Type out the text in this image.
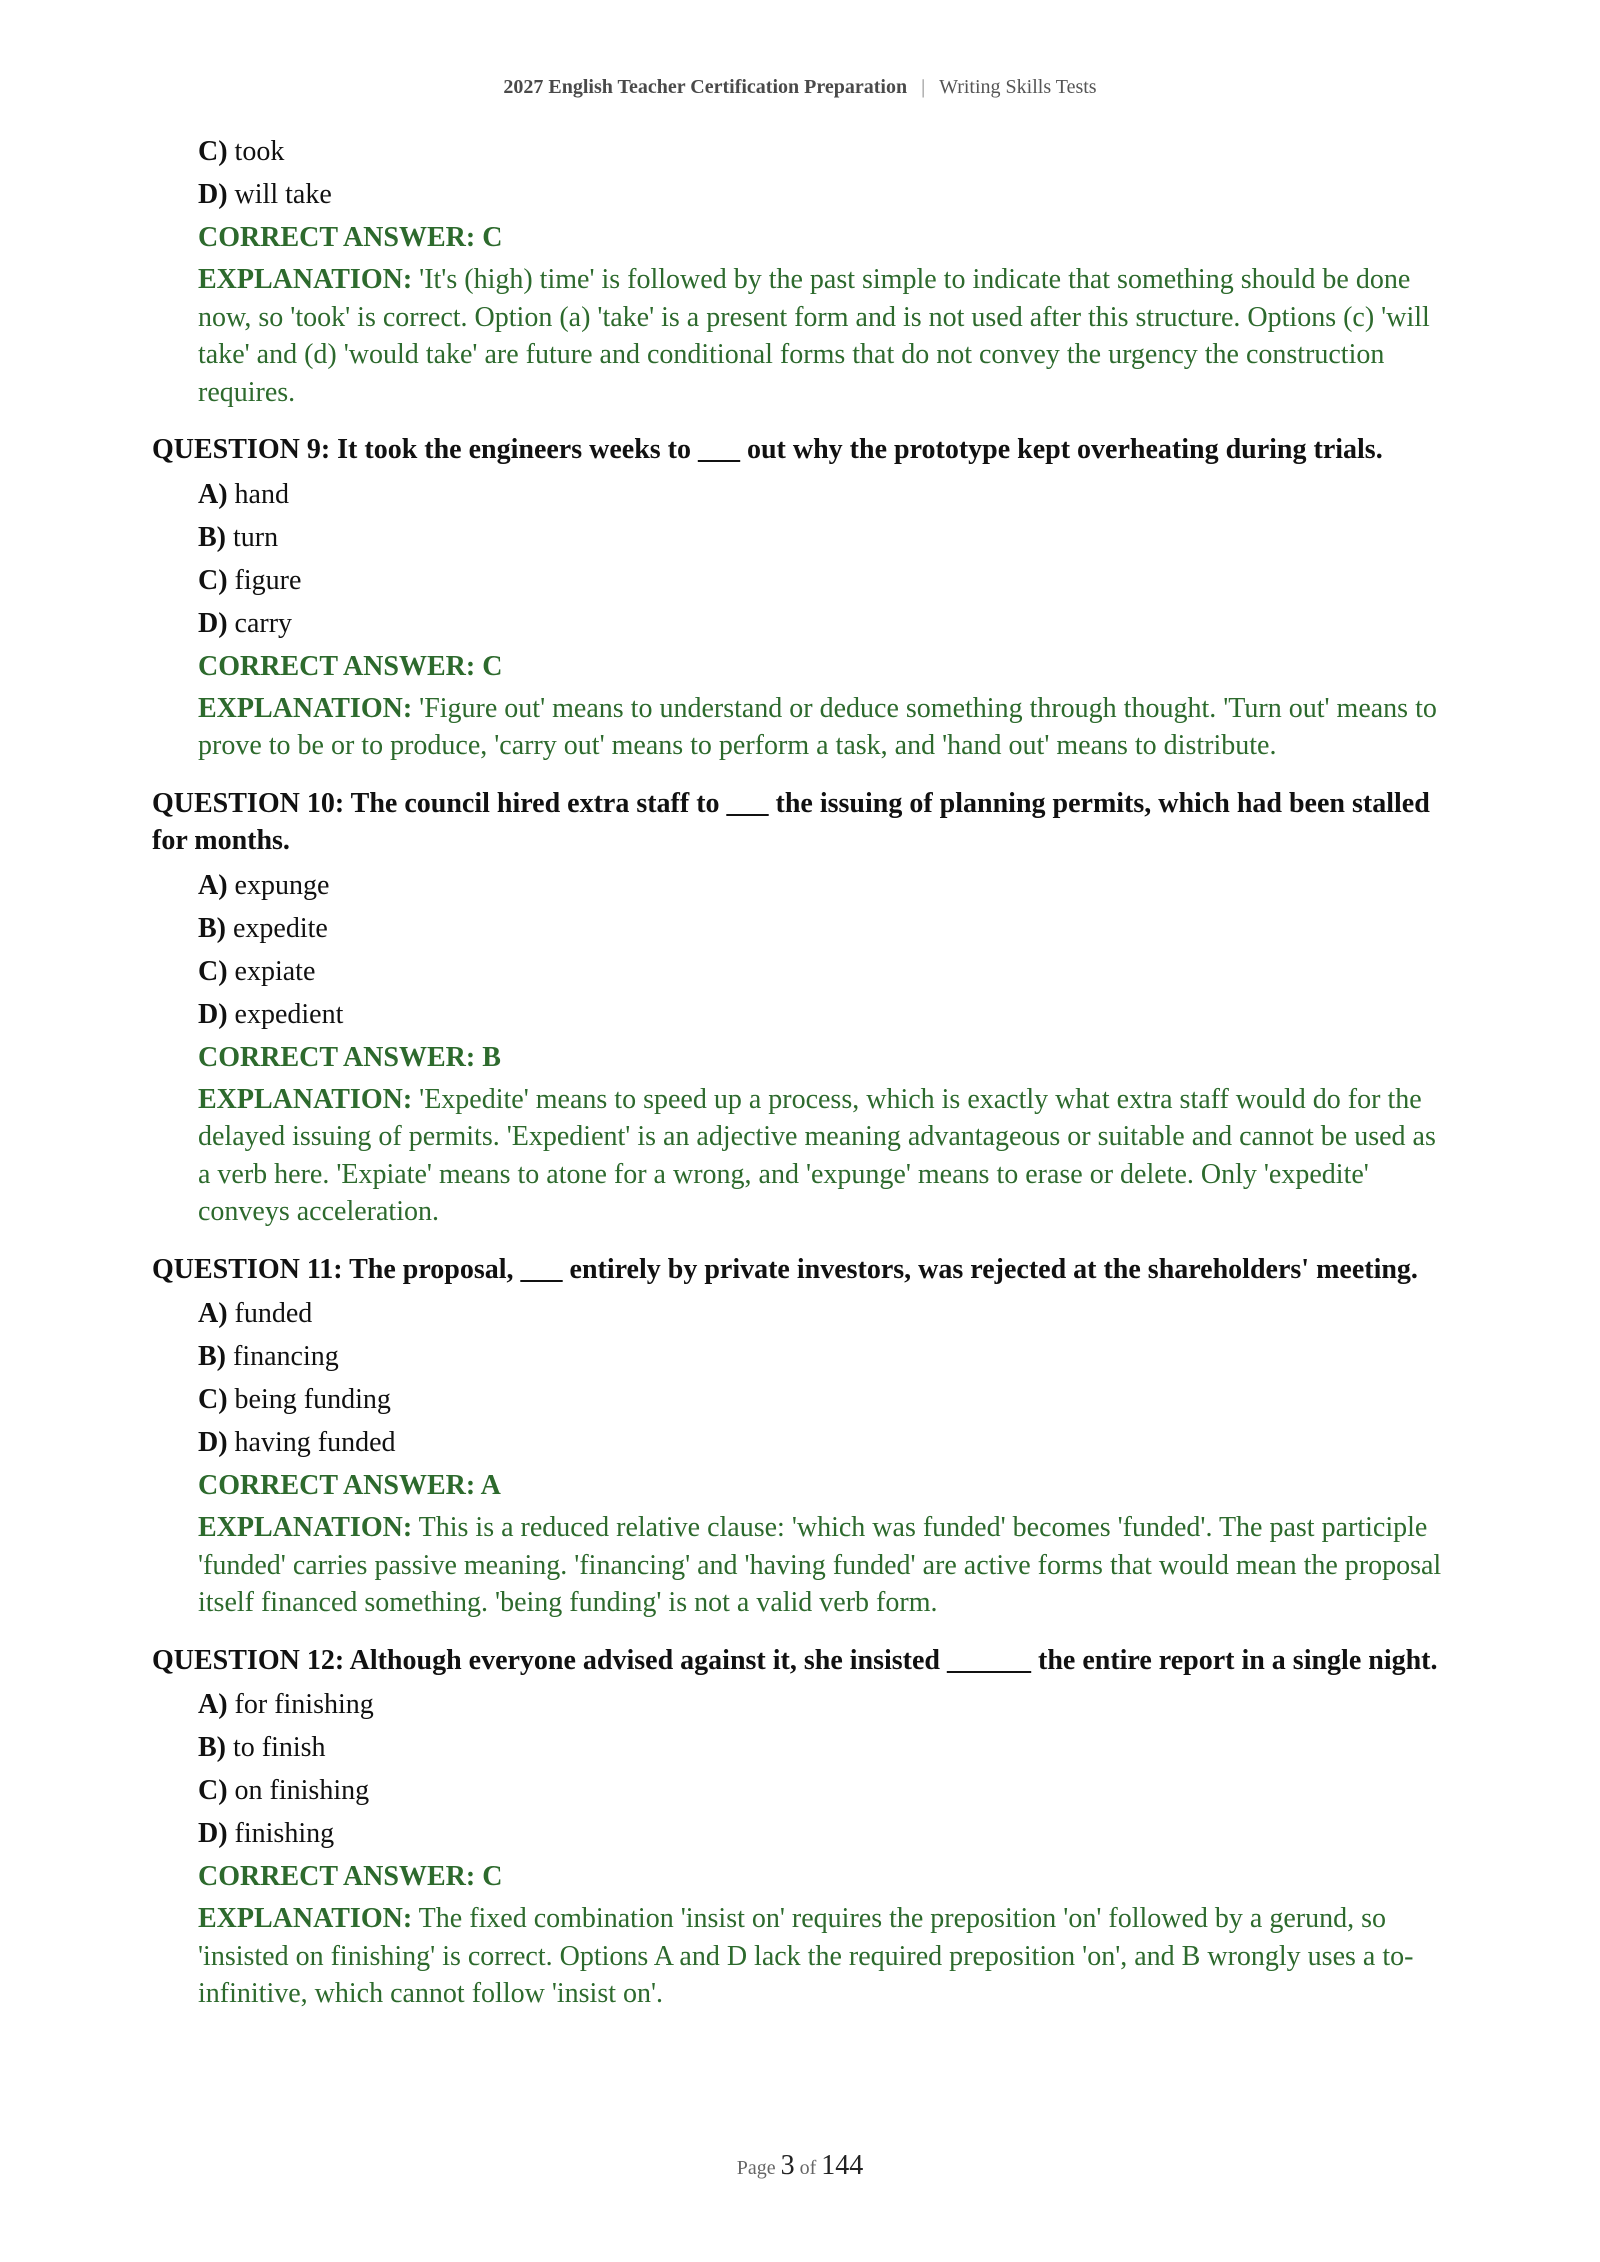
2027 English Teacher Certification Preparation | Writing Skills Tests
C) took
D) will take
CORRECT ANSWER: C
EXPLANATION: 'It's (high) time' is followed by the past simple to indicate that something should be done now, so 'took' is correct. Option (a) 'take' is a present form and is not used after this structure. Options (c) 'will take' and (d) 'would take' are future and conditional forms that do not convey the urgency the construction requires.
QUESTION 9: It took the engineers weeks to ___ out why the prototype kept overheating during trials.
A) hand
B) turn
C) figure
D) carry
CORRECT ANSWER: C
EXPLANATION: 'Figure out' means to understand or deduce something through thought. 'Turn out' means to prove to be or to produce, 'carry out' means to perform a task, and 'hand out' means to distribute.
QUESTION 10: The council hired extra staff to ___ the issuing of planning permits, which had been stalled for months.
A) expunge
B) expedite
C) expiate
D) expedient
CORRECT ANSWER: B
EXPLANATION: 'Expedite' means to speed up a process, which is exactly what extra staff would do for the delayed issuing of permits. 'Expedient' is an adjective meaning advantageous or suitable and cannot be used as a verb here. 'Expiate' means to atone for a wrong, and 'expunge' means to erase or delete. Only 'expedite' conveys acceleration.
QUESTION 11: The proposal, ___ entirely by private investors, was rejected at the shareholders' meeting.
A) funded
B) financing
C) being funding
D) having funded
CORRECT ANSWER: A
EXPLANATION: This is a reduced relative clause: 'which was funded' becomes 'funded'. The past participle 'funded' carries passive meaning. 'financing' and 'having funded' are active forms that would mean the proposal itself financed something. 'being funding' is not a valid verb form.
QUESTION 12: Although everyone advised against it, she insisted ______ the entire report in a single night.
A) for finishing
B) to finish
C) on finishing
D) finishing
CORRECT ANSWER: C
EXPLANATION: The fixed combination 'insist on' requires the preposition 'on' followed by a gerund, so 'insisted on finishing' is correct. Options A and D lack the required preposition 'on', and B wrongly uses a to-infinitive, which cannot follow 'insist on'.
Page 3 of 144
